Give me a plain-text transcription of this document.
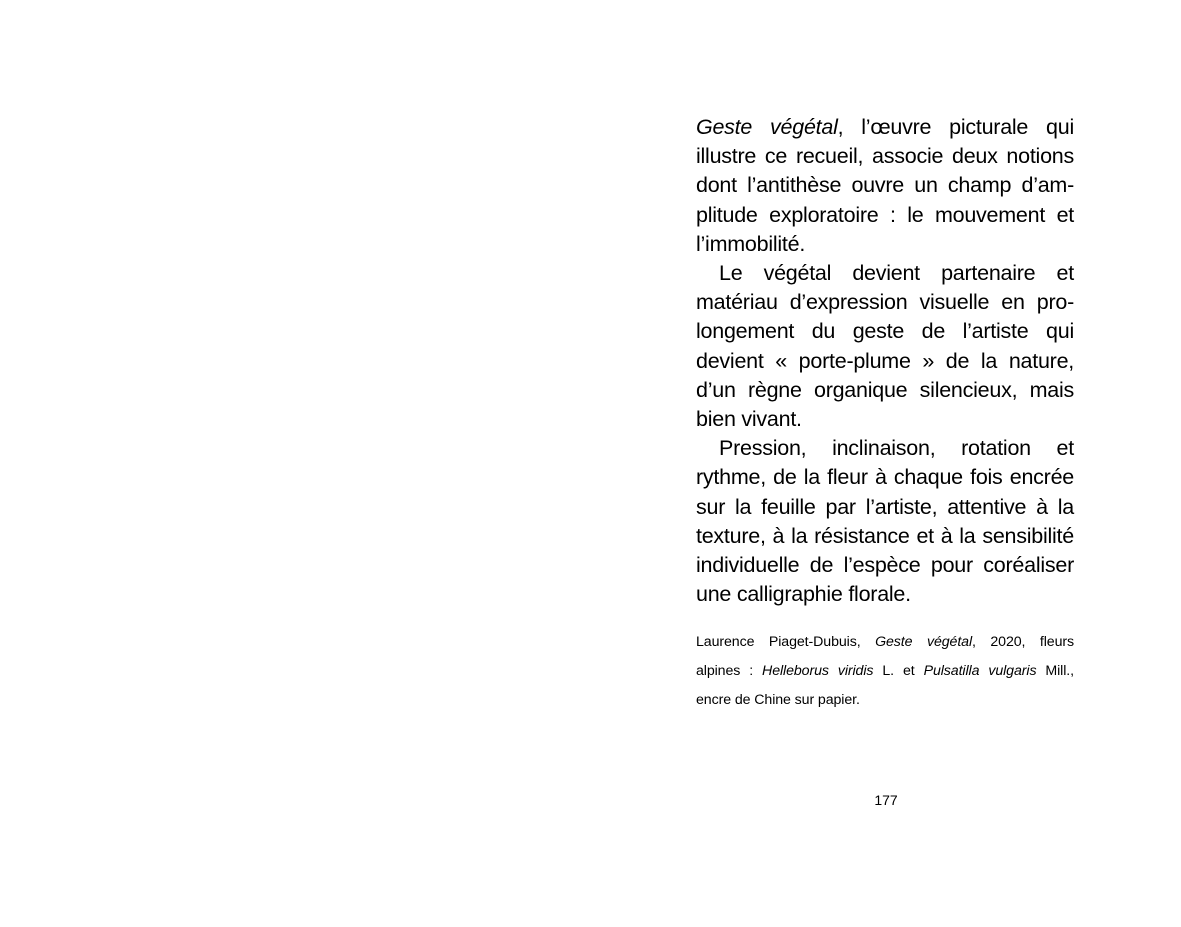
Geste végétal, l’œuvre picturale qui
illustre ce recueil, associe deux notions
dont l’antithèse ouvre un champ d’am-
plitude exploratoire : le mouvement et
l’immobilité.

Le végétal devient partenaire et
matériau d’expression visuelle en pro-
longement du geste de l’artiste qui
devient « porte-plume » de la nature,
d’un règne organique silencieux, mais
bien vivant.

Pression, inclinaison, rotation et
rythme, de la fleur à chaque fois encrée
sur la feuille par l’artiste, attentive à la
texture, à la résistance et à la sensibilité
individuelle de l’espèce pour coréaliser
une calligraphie florale.

Laurence Piaget-Dubuis, Geste végétal, 2020, fleurs
alpines : Helleborus viridis L. et Pulsatilla vulgaris Mill.,
encre de Chine sur papier.
177
